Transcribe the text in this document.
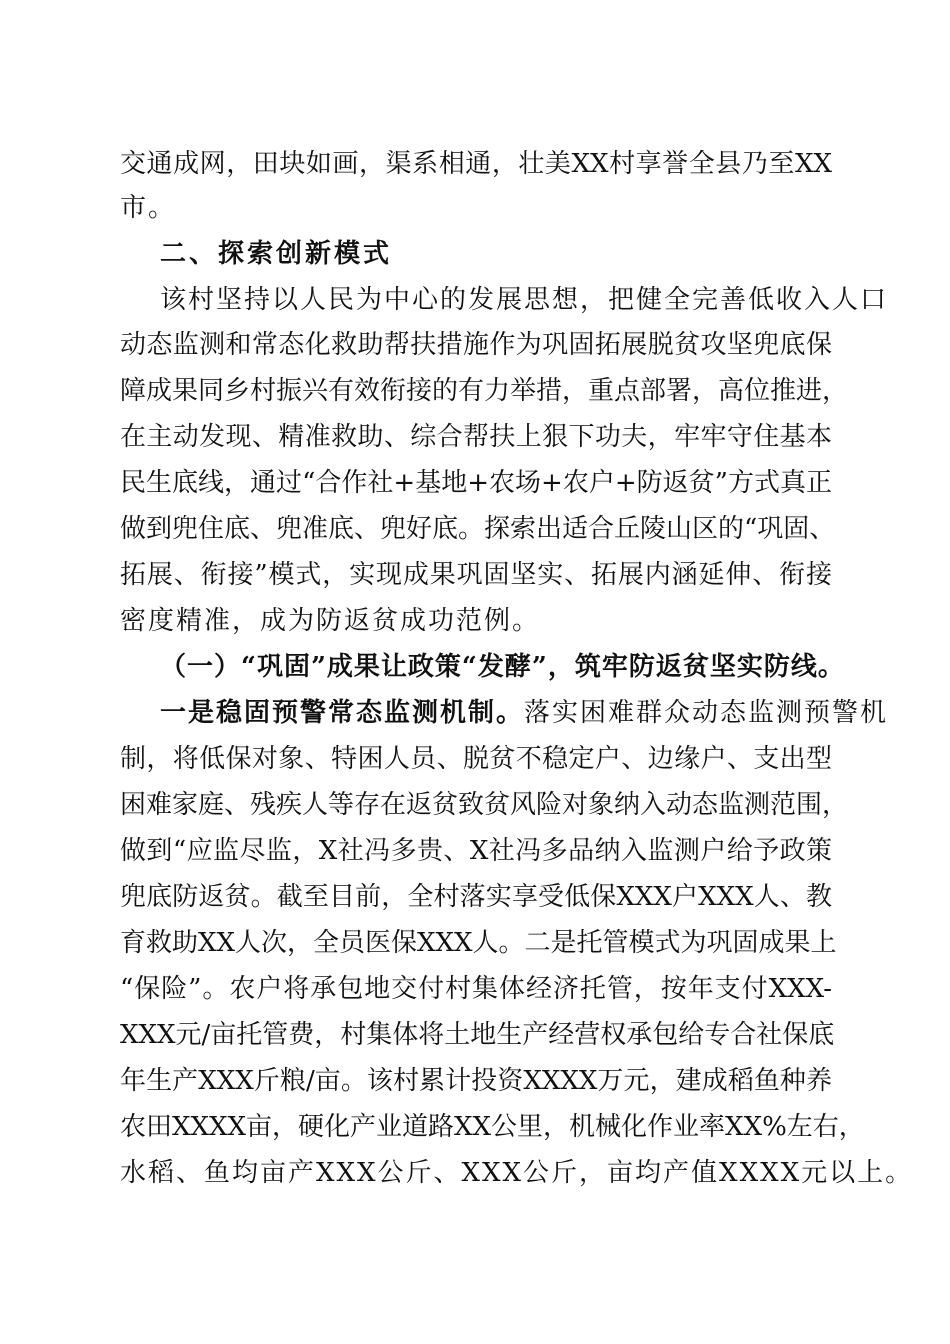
交通成网，田块如画，渠系相通，壮美XX村享誉全县乃至XX
市。
二、探索创新模式
该村坚持以人民为中心的发展思想，把健全完善低收入人口
动态监测和常态化救助帮扶措施作为巩固拓展脱贫攻坚兜底保
障成果同乡村振兴有效衔接的有力举措，重点部署，高位推进，
在主动发现、精准救助、综合帮扶上狠下功夫，牢牢守住基本
民生底线，通过“合作社+基地+农场+农户+防返贫”方式真正
做到兜住底、兜准底、兜好底。探索出适合丘陵山区的“巩固、
拓展、衔接”模式，实现成果巩固坚实、拓展内涵延伸、衔接
密度精准，成为防返贫成功范例。
（一）“巩固”成果让政策“发酵”，筑牢防返贫坚实防线。
一是稳固预警常态监测机制。 落实困难群众动态监测预警机
制，将低保对象、特困人员、脱贫不稳定户、边缘户、支出型
困难家庭、残疾人等存在返贫致贫风险对象纳入动态监测范围，
做到“应监尽监，X社冯多贵、X社冯多品纳入监测户给予政策
兜底防返贫。截至目前，全村落实享受低保XXX户XXX人、教
育救助XX人次，全员医保XXX人。二是托管模式为巩固成果上
“保险”。农户将承包地交付村集体经济托管，按年支付XXX-
XXX元/亩托管费，村集体将土地生产经营权承包给专合社保底
年生产XXX斤粮/亩。该村累计投资XXXX万元，建成稻鱼种养
农田XXXX亩，硬化产业道路XX公里，机械化作业率XX%左右，
水稻、鱼均亩产XXX公斤、XXX公斤，亩均产值XXXX元以上。
